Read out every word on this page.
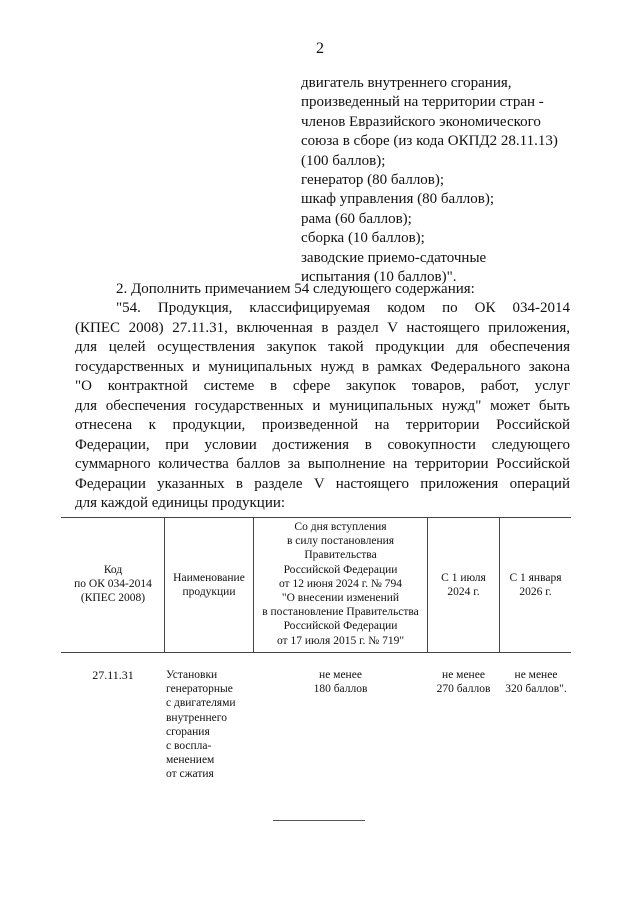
2
двигатель внутреннего сгорания,
произведенный на территории стран -
членов Евразийского экономического
союза в сборе (из кода ОКПД2 28.11.13)
(100 баллов);
генератор (80 баллов);
шкаф управления (80 баллов);
рама (60 баллов);
сборка (10 баллов);
заводские приемо-сдаточные
испытания (10 баллов)".
2. Дополнить примечанием 54 следующего содержания:
"54. Продукция, классифицируемая кодом по ОК 034-2014
(КПЕС 2008) 27.11.31, включенная в раздел V настоящего приложения,
для целей осуществления закупок такой продукции для обеспечения
государственных и муниципальных нужд в рамках Федерального закона
"О контрактной системе в сфере закупок товаров, работ, услуг
для обеспечения государственных и муниципальных нужд" может быть
отнесена к продукции, произведенной на территории Российской
Федерации, при условии достижения в совокупности следующего
суммарного количества баллов за выполнение на территории Российской
Федерации указанных в разделе V настоящего приложения операций
для каждой единицы продукции:
Код
по ОК 034-2014
(КПЕС 2008)
Наименование
продукции
Со дня вступления
в силу постановления
Правительства
Российской Федерации
от 12 июня 2024 г. № 794
"О внесении изменений
в постановление Правительства
Российской Федерации
от 17 июля 2015 г. № 719"
С 1 июля
2024 г.
С 1 января
2026 г.
27.11.31	Установки
генераторные
с двигателями
внутреннего
сгорания
с воспла-
менением
от сжатия
не менее
180 баллов
не менее
270 баллов
не менее
320 баллов".
